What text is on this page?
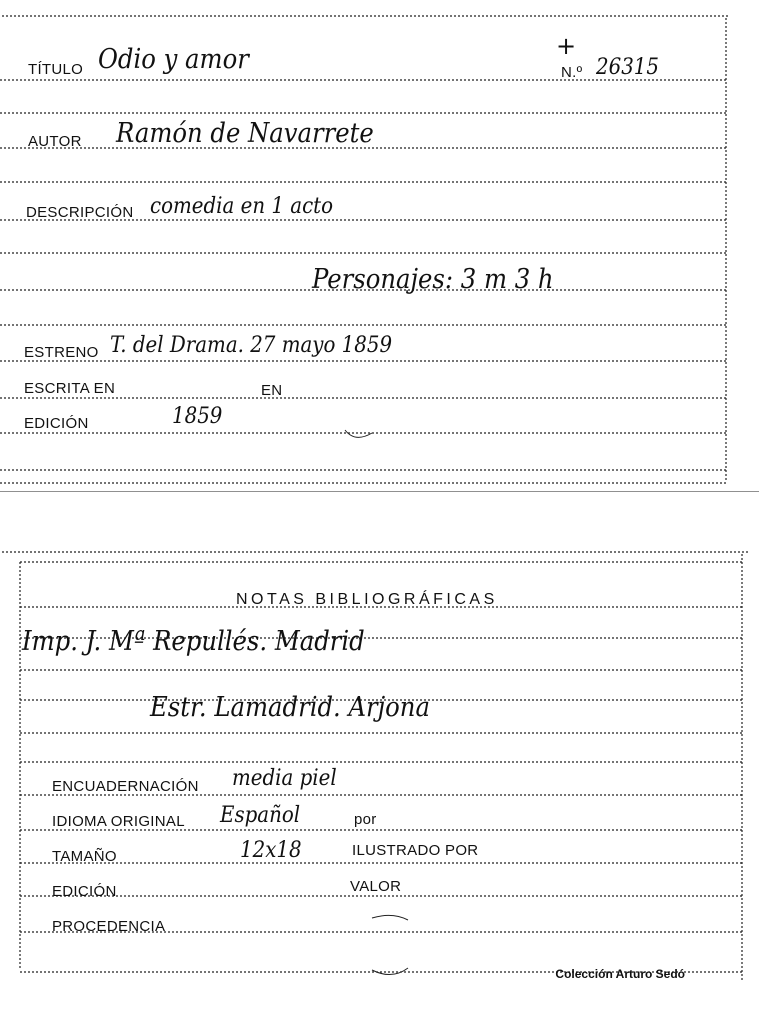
+
N.º 26315
TÍTULO Odio y amor
AUTOR Ramón de Navarrete
DESCRIPCIÓN comedia en 1 acto
Personajes: 3 m 3 h
ESTRENO T. del Drama. 27 mayo 1859
ESCRITA EN	EN
EDICIÓN	1859
NOTAS BIBLIOGRÁFICAS
Imp. J. Mª Repullés. Madrid
Estr. Lamadrid. Arjona
ENCUADERNACIÓN media piel
IDIOMA ORIGINAL Español	por
TAMAÑO	12x18	ILUSTRADO POR
EDICIÓN	VALOR
PROCEDENCIA
Colección Arturo Sedó
